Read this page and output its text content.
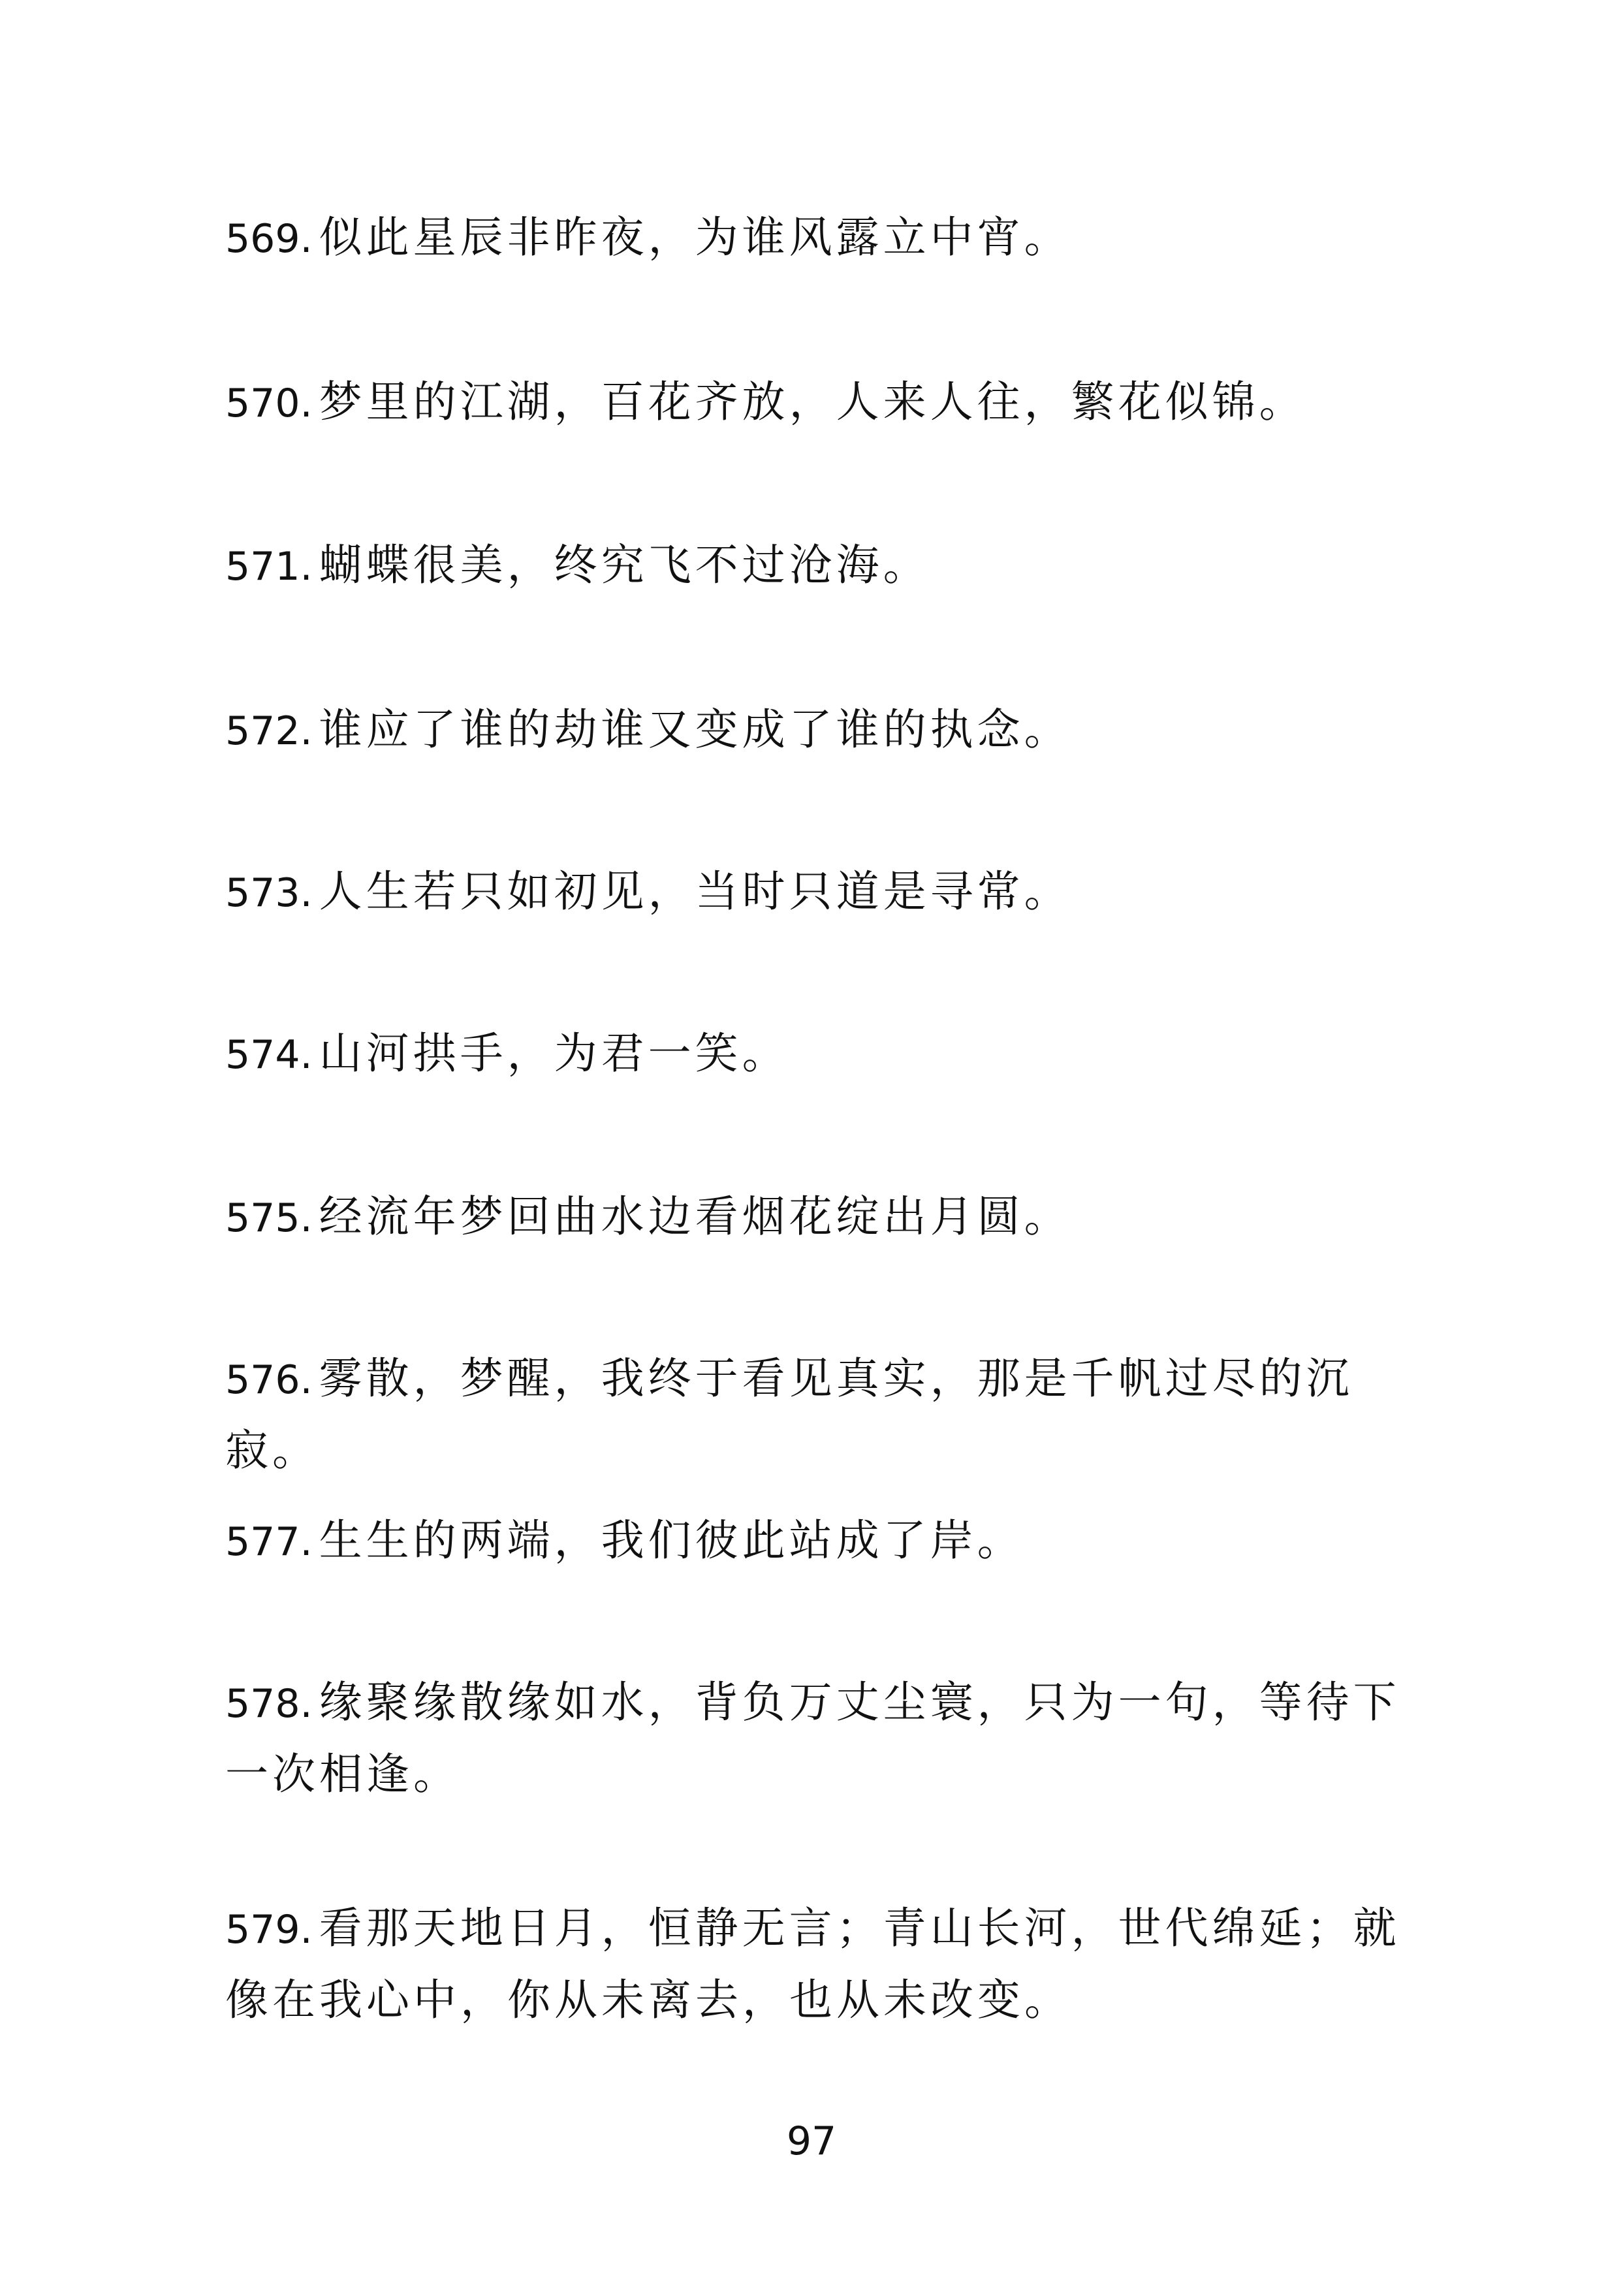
569. 似此星辰非昨夜，为谁风露立中宵。
570. 梦里的江湖，百花齐放，人来人往，繁花似锦。
571. 蝴蝶很美，终究飞不过沧海。
572. 谁应了谁的劫谁又变成了谁的执念。
573. 人生若只如初见，当时只道是寻常。
574. 山河拱手，为君一笑。
575. 经流年梦回曲水边看烟花绽出月圆。
576. 雾散，梦醒，我终于看见真实，那是千帆过尽的沉寂。
577. 生生的两端，我们彼此站成了岸。
578. 缘聚缘散缘如水，背负万丈尘寰，只为一句，等待下一次相逢。
579. 看那天地日月，恒静无言；青山长河，世代绵延；就像在我心中，你从未离去，也从未改变。
97
